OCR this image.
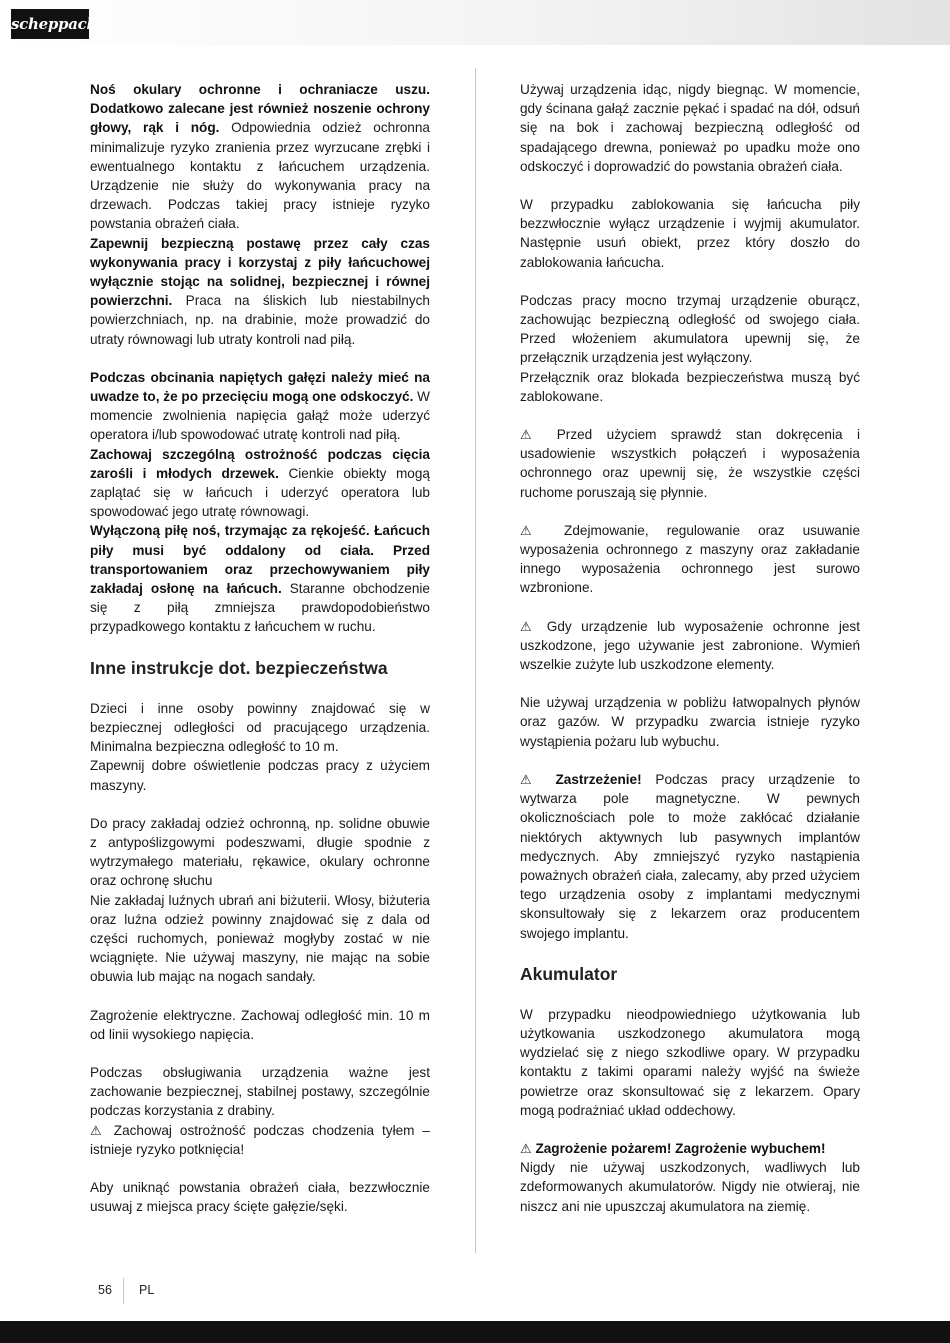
scheppach

Noś okulary ochronne i ochraniacze uszu. Dodatkowo zalecane jest również noszenie ochrony głowy, rąk i nóg. Odpowiednia odzież ochronna minimalizuje ryzyko zranienia przez wyrzucane zrębki i ewentualnego kontaktu z łańcuchem urządzenia. Urządzenie nie służy do wykonywania pracy na drzewach. Podczas takiej pracy istnieje ryzyko powstania obrażeń ciała.

Zapewnij bezpieczną postawę przez cały czas wykonywania pracy i korzystaj z piły łańcuchowej wyłącznie stojąc na solidnej, bezpiecznej i równej powierzchni. Praca na śliskich lub niestabilnych powierzchniach, np. na drabinie, może prowadzić do utraty równowagi lub utraty kontroli nad piłą.

Podczas obcinania napiętych gałęzi należy mieć na uwadze to, że po przecięciu mogą one odskoczyć. W momencie zwolnienia napięcia gałąź może uderzyć operatora i/lub spowodować utratę kontroli nad piłą.

Zachowaj szczególną ostrożność podczas cięcia zarośli i młodych drzewek. Cienkie obiekty mogą zaplątać się w łańcuch i uderzyć operatora lub spowodować jego utratę równowagi.

Wyłączoną piłę noś, trzymając za rękojeść. Łańcuch piły musi być oddalony od ciała. Przed transportowaniem oraz przechowywaniem piły zakładaj osłonę na łańcuch. Staranne obchodzenie się z piłą zmniejsza prawdopodobieństwo przypadkowego kontaktu z łańcuchem w ruchu.

Inne instrukcje dot. bezpieczeństwa

Dzieci i inne osoby powinny znajdować się w bezpiecznej odległości od pracującego urządzenia. Minimalna bezpieczna odległość to 10 m.

Zapewnij dobre oświetlenie podczas pracy z użyciem maszyny.

Do pracy zakładaj odzież ochronną, np. solidne obuwie z antypoślizgowymi podeszwami, długie spodnie z wytrzymałego materiału, rękawice, okulary ochronne oraz ochronę słuchu

Nie zakładaj luźnych ubrań ani biżuterii. Włosy, biżuteria oraz luźna odzież powinny znajdować się z dala od części ruchomych, ponieważ mogłyby zostać w nie wciągnięte. Nie używaj maszyny, nie mając na sobie obuwia lub mając na nogach sandały.

Zagrożenie elektryczne. Zachowaj odległość min. 10 m od linii wysokiego napięcia.

Podczas obsługiwania urządzenia ważne jest zachowanie bezpiecznej, stabilnej postawy, szczególnie podczas korzystania z drabiny.

⚠ Zachowaj ostrożność podczas chodzenia tyłem – istnieje ryzyko potknięcia!

Aby uniknąć powstania obrażeń ciała, bezzwłocznie usuwaj z miejsca pracy ścięte gałęzie/sęki.

Używaj urządzenia idąc, nigdy biegnąc. W momencie, gdy ścinana gałąź zacznie pękać i spadać na dół, odsuń się na bok i zachowaj bezpieczną odległość od spadającego drewna, ponieważ po upadku może ono odskoczyć i doprowadzić do powstania obrażeń ciała.

W przypadku zablokowania się łańcucha piły bezzwłocznie wyłącz urządzenie i wyjmij akumulator. Następnie usuń obiekt, przez który doszło do zablokowania łańcucha.

Podczas pracy mocno trzymaj urządzenie oburącz, zachowując bezpieczną odległość od swojego ciała. Przed włożeniem akumulatora upewnij się, że przełącznik urządzenia jest wyłączony.

Przełącznik oraz blokada bezpieczeństwa muszą być zablokowane.

⚠ Przed użyciem sprawdź stan dokręcenia i usadowienie wszystkich połączeń i wyposażenia ochronnego oraz upewnij się, że wszystkie części ruchome poruszają się płynnie.

⚠ Zdejmowanie, regulowanie oraz usuwanie wyposażenia ochronnego z maszyny oraz zakładanie innego wyposażenia ochronnego jest surowo wzbronione.

⚠ Gdy urządzenie lub wyposażenie ochronne jest uszkodzone, jego używanie jest zabronione. Wymień wszelkie zużyte lub uszkodzone elementy.

Nie używaj urządzenia w pobliżu łatwopalnych płynów oraz gazów. W przypadku zwarcia istnieje ryzyko wystąpienia pożaru lub wybuchu.

⚠ Zastrzeżenie! Podczas pracy urządzenie to wytwarza pole magnetyczne. W pewnych okolicznościach pole to może zakłócać działanie niektórych aktywnych lub pasywnych implantów medycznych. Aby zmniejszyć ryzyko nastąpienia poważnych obrażeń ciała, zalecamy, aby przed użyciem tego urządzenia osoby z implantami medycznymi skonsultowały się z lekarzem oraz producentem swojego implantu.

Akumulator

W przypadku nieodpowiedniego użytkowania lub użytkowania uszkodzonego akumulatora mogą wydzielać się z niego szkodliwe opary. W przypadku kontaktu z takimi oparami należy wyjść na świeże powietrze oraz skonsultować się z lekarzem. Opary mogą podrażniać układ oddechowy.

⚠ Zagrożenie pożarem! Zagrożenie wybuchem!

Nigdy nie używaj uszkodzonych, wadliwych lub zdeformowanych akumulatorów. Nigdy nie otwieraj, nie niszcz ani nie upuszczaj akumulatora na ziemię.

56 PL
